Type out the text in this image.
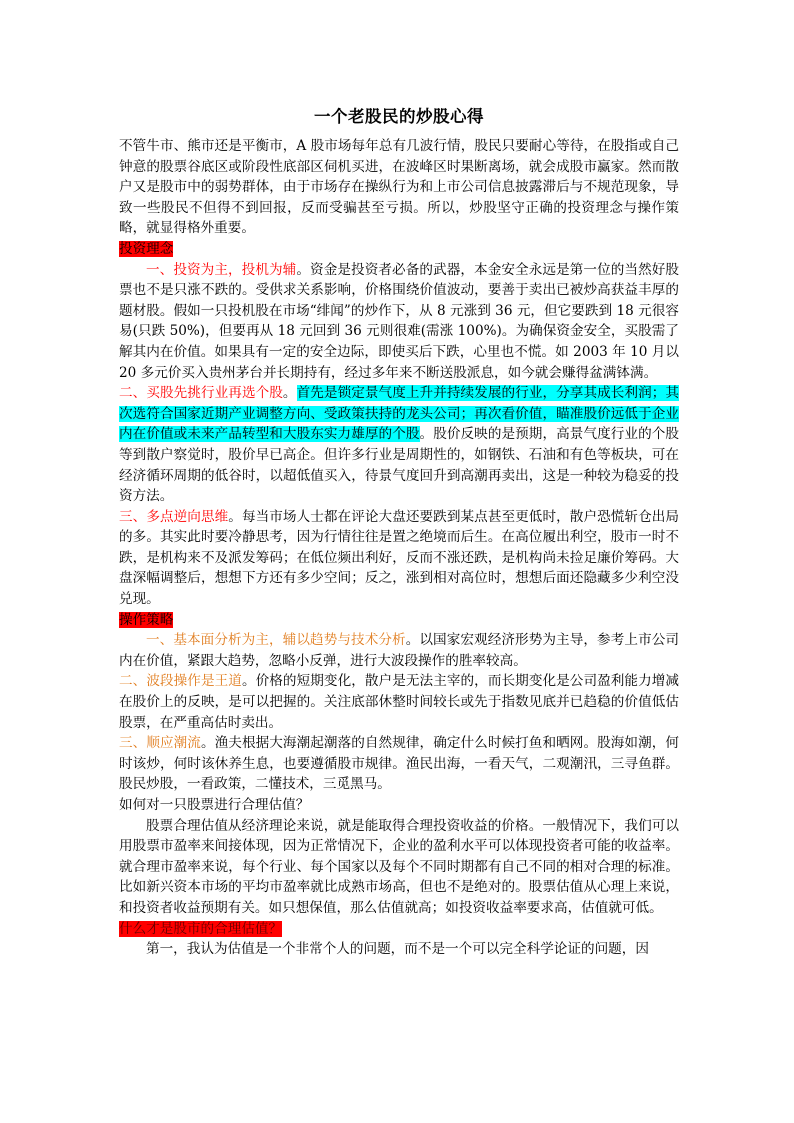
一个老股民的炒股心得

不管牛市、熊市还是平衡市，A 股市场每年总有几波行情，股民只要耐心等待，在股指或自己钟意的股票谷底区或阶段性底部区伺机买进，在波峰区时果断离场，就会成股市赢家。然而散户又是股市中的弱势群体，由于市场存在操纵行为和上市公司信息披露滞后与不规范现象，导致一些股民不但得不到回报，反而受骗甚至亏损。所以，炒股坚守正确的投资理念与操作策略，就显得格外重要。

投资理念

一、投资为主，投机为辅。资金是投资者必备的武器，本金安全永远是第一位的当然好股票也不是只涨不跌的。受供求关系影响，价格围绕价值波动，要善于卖出已被炒高获益丰厚的题材股。假如一只投机股在市场“绯闻”的炒作下，从 8 元涨到 36 元，但它要跌到 18 元很容易(只跌 50%)，但要再从 18 元回到 36 元则很难(需涨 100%)。为确保资金安全，买股需了解其内在价值。如果具有一定的安全边际，即使买后下跌，心里也不慌。如 2003 年 10 月以 20 多元价买入贵州茅台并长期持有，经过多年来不断送股派息，如今就会赚得盆满钵满。

二、买股先挑行业再选个股。首先是锁定景气度上升并持续发展的行业，分享其成长利润；其次选符合国家近期产业调整方向、受政策扶持的龙头公司；再次看价值，瞄准股价远低于企业内在价值或未来产品转型和大股东实力雄厚的个股。股价反映的是预期，高景气度行业的个股等到散户察觉时，股价早已高企。但许多行业是周期性的，如钢铁、石油和有色等板块，可在经济循环周期的低谷时，以超低值买入，待景气度回升到高潮再卖出，这是一种较为稳妥的投资方法。

三、多点逆向思维。每当市场人士都在评论大盘还要跌到某点甚至更低时，散户恐慌斩仓出局的多。其实此时要冷静思考，因为行情往往是置之绝境而后生。在高位履出利空，股市一时不跌，是机构来不及派发筹码；在低位频出利好，反而不涨还跌，是机构尚未捡足廉价筹码。大盘深幅调整后，想想下方还有多少空间；反之，涨到相对高位时，想想后面还隐藏多少利空没兑现。

操作策略

一、基本面分析为主，辅以趋势与技术分析。以国家宏观经济形势为主导，参考上市公司内在价值，紧跟大趋势，忽略小反弹，进行大波段操作的胜率较高。

二、波段操作是王道。价格的短期变化，散户是无法主宰的，而长期变化是公司盈利能力增减在股价上的反映，是可以把握的。关注底部休整时间较长或先于指数见底并已趋稳的价值低估股票，在严重高估时卖出。

三、顺应潮流。渔夫根据大海潮起潮落的自然规律，确定什么时候打鱼和晒网。股海如潮，何时该炒，何时该休养生息，也要遵循股市规律。渔民出海，一看天气，二观潮汛，三寻鱼群。股民炒股，一看政策，二懂技术，三觅黑马。

如何对一只股票进行合理估值？

股票合理估值从经济理论来说，就是能取得合理投资收益的价格。一般情况下，我们可以用股票市盈率来间接体现，因为正常情况下，企业的盈利水平可以体现投资者可能的收益率。就合理市盈率来说，每个行业、每个国家以及每个不同时期都有自己不同的相对合理的标准。比如新兴资本市场的平均市盈率就比成熟市场高，但也不是绝对的。股票估值从心理上来说，和投资者收益预期有关。如只想保值，那么估值就高；如投资收益率要求高，估值就可低。

什么才是股市的合理估值？

第一，我认为估值是一个非常个人的问题，而不是一个可以完全科学论证的问题，因
